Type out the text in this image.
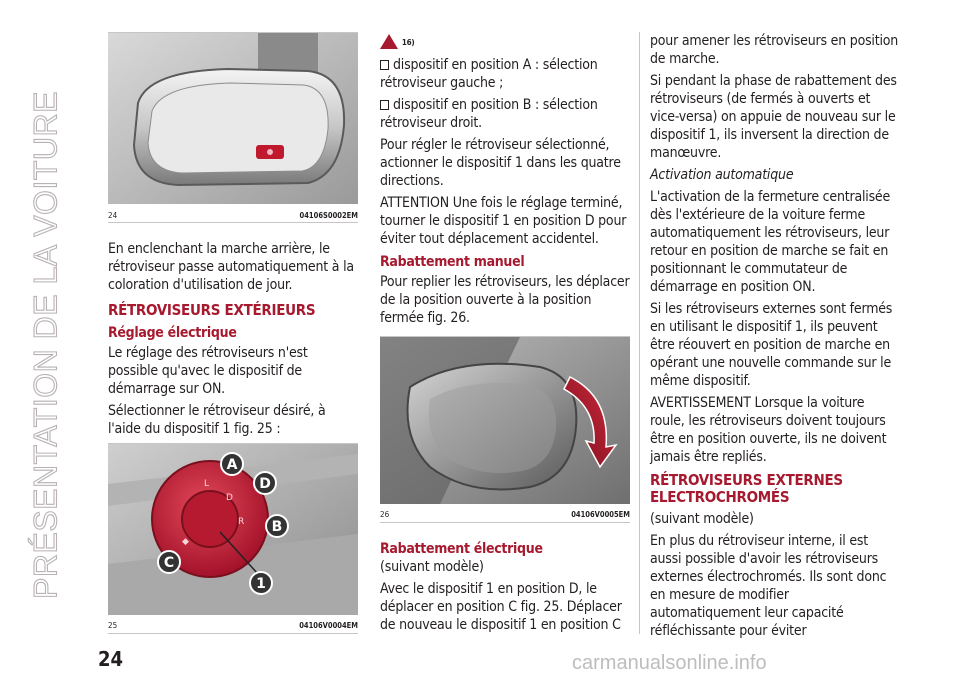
PRÉSENTATION DE LA VOITURE	24	04106S0002EM

En enclenchant la marche arrière, le rétroviseur passe automatiquement à la coloration d'utilisation de jour.

RÉTROVISEURS EXTÉRIEURS
Réglage électrique

Le réglage des rétroviseurs n'est possible qu'avec le dispositif de démarrage sur ON.

Sélectionner le rétroviseur désiré, à l'aide du dispositif 1 fig. 25 :

L
D
R
◆
A
D
B
C
1
25	04106V0004EM
$^{16)}$

dispositif en position A : sélection rétroviseur gauche ;

dispositif en position B : sélection rétroviseur droit.

Pour régler le rétroviseur sélectionné, actionner le dispositif 1 dans les quatre directions.

ATTENTION Une fois le réglage terminé, tourner le dispositif 1 en position D pour éviter tout déplacement accidentel.

Rabattement manuel

Pour replier les rétroviseurs, les déplacer de la position ouverte à la position fermée fig. 26.

26	04106V0005EM
Rabattement électrique

(suivant modèle)

Avec le dispositif 1 en position D, le déplacer en position C fig. 25. Déplacer de nouveau le dispositif 1 en position C

pour amener les rétroviseurs en position de marche.

Si pendant la phase de rabattement des rétroviseurs (de fermés à ouverts et vice-versa) on appuie de nouveau sur le dispositif 1, ils inversent la direction de manœuvre.

Activation automatique

L'activation de la fermeture centralisée dès l'extérieure de la voiture ferme automatiquement les rétroviseurs, leur retour en position de marche se fait en positionnant le commutateur de démarrage en position ON.

Si les rétroviseurs externes sont fermés en utilisant le dispositif 1, ils peuvent être réouvert en position de marche en opérant une nouvelle commande sur le même dispositif.

AVERTISSEMENT Lorsque la voiture roule, les rétroviseurs doivent toujours être en position ouverte, ils ne doivent jamais être repliés.

RÉTROVISEURS EXTERNES
ELECTROCHROMÉS

(suivant modèle)

En plus du rétroviseur interne, il est aussi possible d'avoir les rétroviseurs externes électrochromés. Ils sont donc en mesure de modifier automatiquement leur capacité réfléchissante pour éviter

24	carmanualsonline.info
